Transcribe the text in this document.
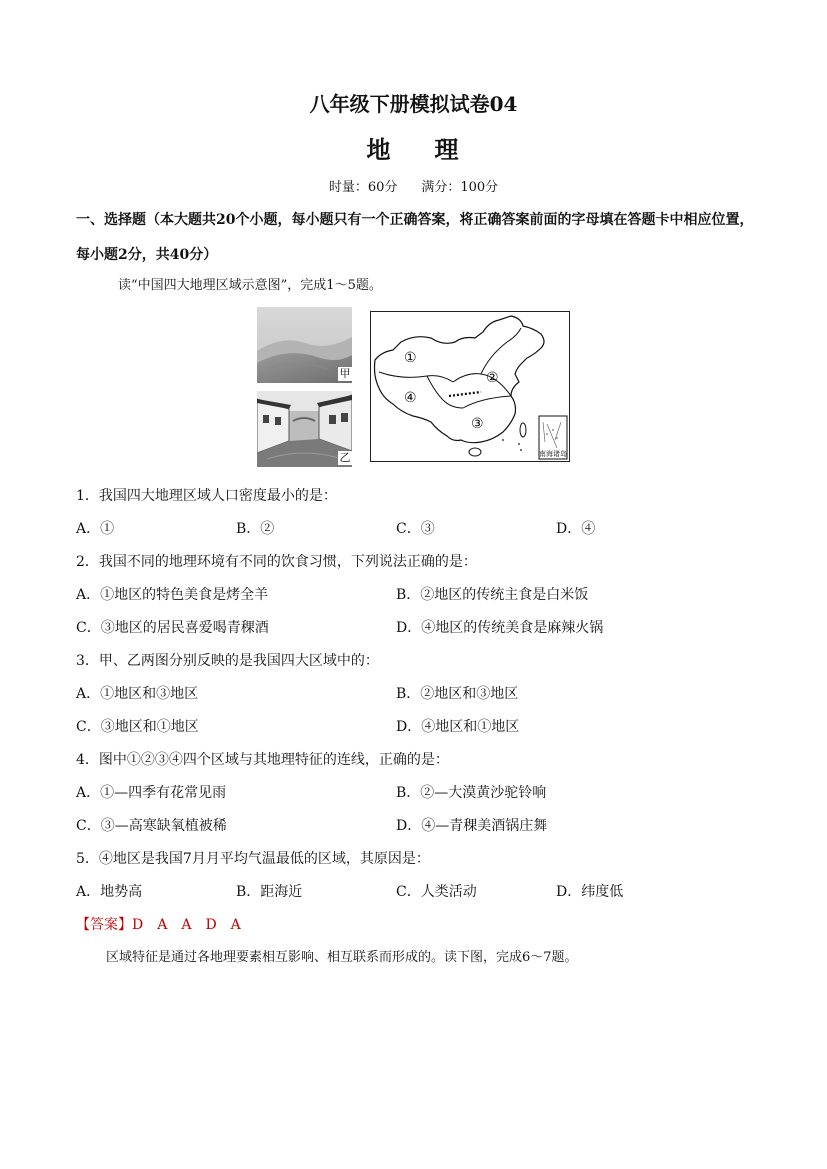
八年级下册模拟试卷04
地 理
时量：60分 满分：100分
一、选择题（本大题共20个小题，每小题只有一个正确答案，将正确答案前面的字母填在答题卡中相应位置，每小题2分，共40分）
读“中国四大地理区域示意图”，完成1～5题。
甲
乙
①
②
③
④
南海诸岛
1．我国四大地理区域人口密度最小的是：
A．①	B．②	C．③	D．④
2．我国不同的地理环境有不同的饮食习惯，下列说法正确的是：
A．①地区的特色美食是烤全羊	B．②地区的传统主食是白米饭
C．③地区的居民喜爱喝青稞酒	D．④地区的传统美食是麻辣火锅
3．甲、乙两图分别反映的是我国四大区域中的：
A．①地区和③地区	B．②地区和③地区
C．③地区和①地区	D．④地区和①地区
4．图中①②③④四个区域与其地理特征的连线，正确的是：
A．①—四季有花常见雨	B．②—大漠黄沙驼铃响
C．③—高寒缺氧植被稀	D．④—青稞美酒锅庄舞
5．④地区是我国7月月平均气温最低的区域，其原因是：
A．地势高	B．距海近	C．人类活动	D．纬度低
【答案】D　A　A　D　A
区域特征是通过各地理要素相互影响、相互联系而形成的。读下图，完成6～7题。
